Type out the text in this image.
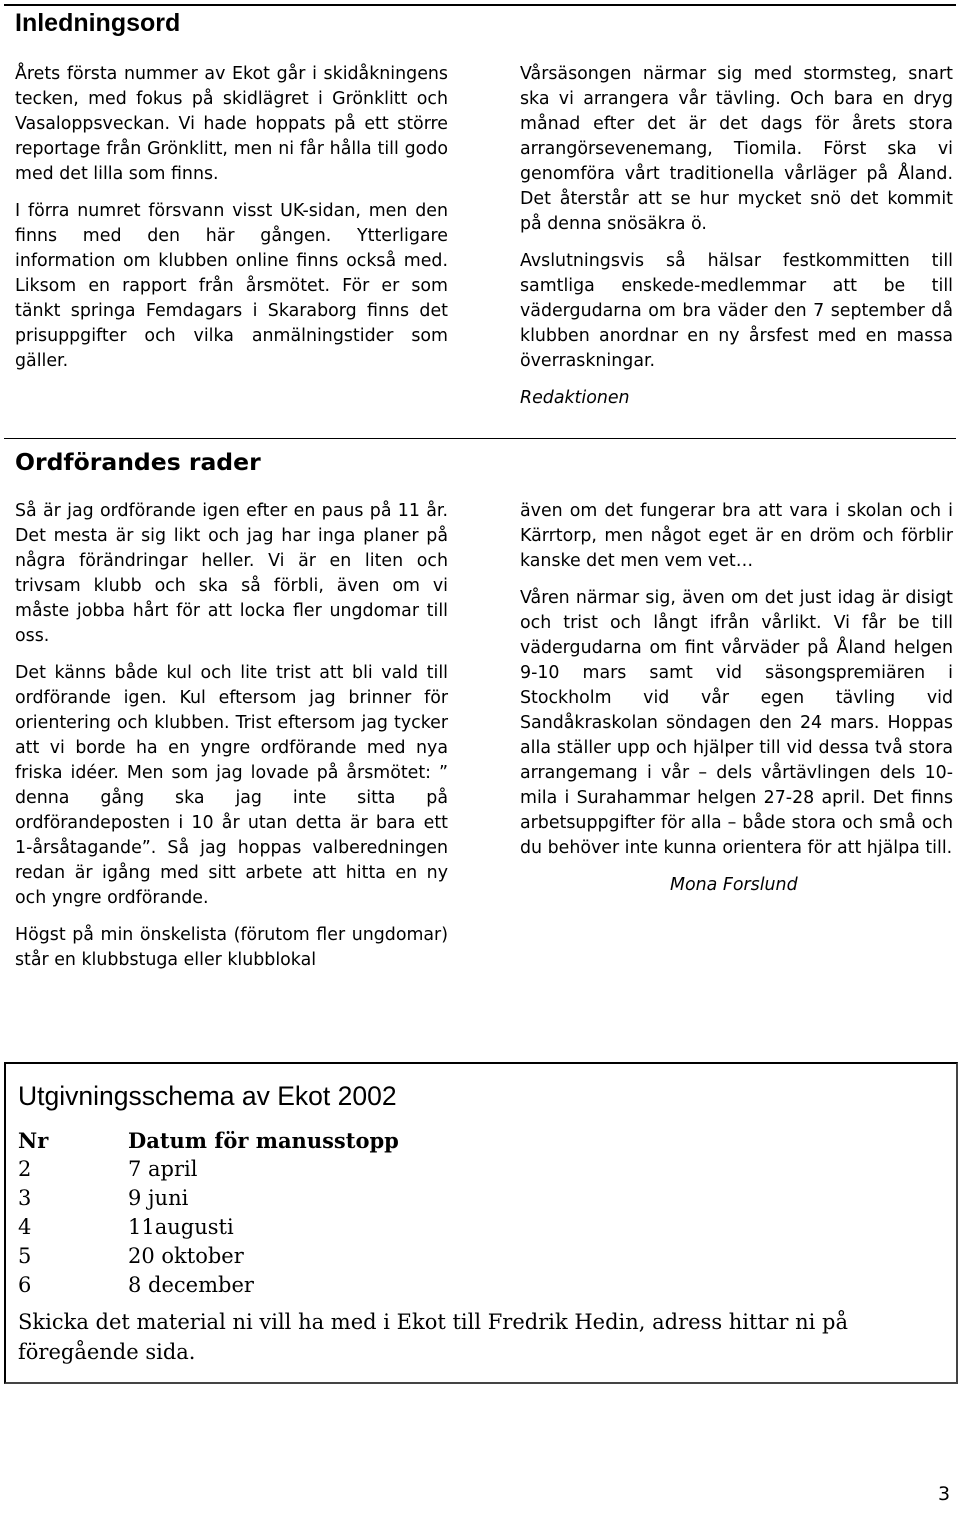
Inledningsord

Årets första nummer av Ekot går i skidåkningens tecken, med fokus på skidlägret i Grönklitt och Vasaloppsveckan. Vi hade hoppats på ett större reportage från Grönklitt, men ni får hålla till godo med det lilla som finns.

I förra numret försvann visst UK-sidan, men den finns med den här gången. Ytterligare information om klubben online finns också med. Liksom en rapport från årsmötet. För er som tänkt springa Femdagars i Skaraborg finns det prisuppgifter och vilka anmälningstider som gäller.

Vårsäsongen närmar sig med stormsteg, snart ska vi arrangera vår tävling. Och bara en dryg månad efter det är det dags för årets stora arrangörsevenemang, Tiomila. Först ska vi genomföra vårt traditionella vårläger på Åland. Det återstår att se hur mycket snö det kommit på denna snösäkra ö.

Avslutningsvis så hälsar festkommitten till samtliga enskede-medlemmar att be till vädergudarna om bra väder den 7 september då klubben anordnar en ny årsfest med en massa överraskningar.

Redaktionen

Ordförandes rader

Så är jag ordförande igen efter en paus på 11 år. Det mesta är sig likt och jag har inga planer på några förändringar heller. Vi är en liten och trivsam klubb och ska så förbli, även om vi måste jobba hårt för att locka fler ungdomar till oss.

Det känns både kul och lite trist att bli vald till ordförande igen. Kul eftersom jag brinner för orientering och klubben. Trist eftersom jag tycker att vi borde ha en yngre ordförande med nya friska idéer. Men som jag lovade på årsmötet: ” denna gång ska jag inte sitta på ordförandeposten i 10 år utan detta är bara ett 1-årsåtagande”. Så jag hoppas valberedningen redan är igång med sitt arbete att hitta en ny och yngre ordförande.

Högst på min önskelista (förutom fler ungdomar) står en klubbstuga eller klubblokal

även om det fungerar bra att vara i skolan och i Kärrtorp, men något eget är en dröm och förblir kanske det men vem vet…

Våren närmar sig, även om det just idag är disigt och trist och långt ifrån vårlikt. Vi får be till vädergudarna om fint vårväder på Åland helgen 9-10 mars samt vid säsongspremiären i Stockholm vid vår egen tävling vid Sandåkraskolan söndagen den 24 mars. Hoppas alla ställer upp och hjälper till vid dessa två stora arrangemang i vår – dels vårtävlingen dels 10-mila i Surahammar helgen 27-28 april. Det finns arbetsuppgifter för alla – både stora och små och du behöver inte kunna orientera för att hjälpa till.

Mona Forslund

Utgivningsschema av Ekot 2002
Nr	Datum för manusstopp
2	7 april
3	9 juni
4	11augusti
5	20 oktober
6	8 december
Skicka det material ni vill ha med i Ekot till Fredrik Hedin, adress hittar ni på föregående sida.
3
